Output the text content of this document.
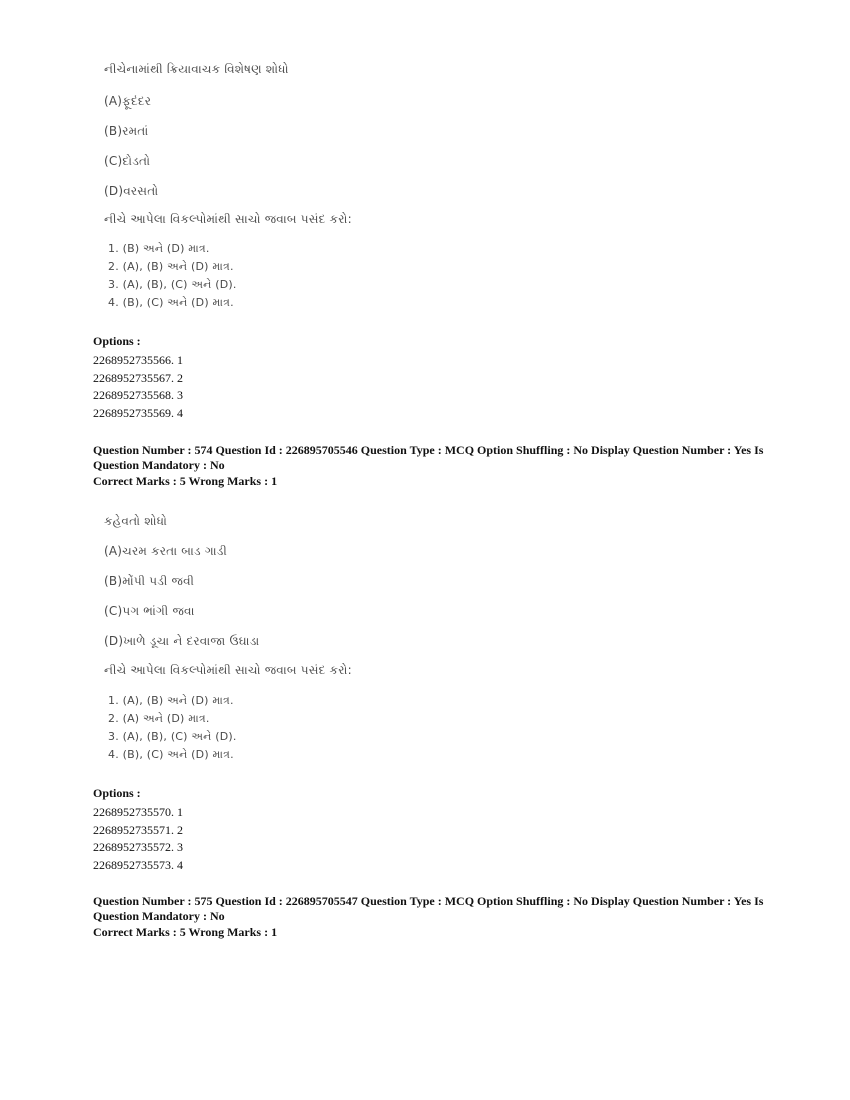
નીચેનામાંથી ક્રિયાવાચક વિશેષણ શોધો
(A)ફૂદંદર
(B)રમતાં
(C)દોડતો
(D)વરસતો
નીચે આપેલા વિકલ્પોમાંથી સાચો જવાબ પસંદ કરો:
1. (B) અને (D) માત્ર.
2. (A), (B) અને (D) માત્ર.
3. (A), (B), (C) અને (D).
4. (B), (C) અને (D) માત્ર.
Options :
2268952735566. 1
2268952735567. 2
2268952735568. 3
2268952735569. 4
Question Number : 574 Question Id : 226895705546 Question Type : MCQ Option Shuffling : No Display Question Number : Yes Is Question Mandatory : No
Correct Marks : 5 Wrong Marks : 1
કહેવતો શોધો
(A)ચરમ કરતા બાડ ગાડી
(B)મોંપી પડી જવી
(C)પગ ભાંગી જવા
(D)ખાળે ડૂચા ને દરવાજા ઉઘાડા
નીચે આપેલા વિકલ્પોમાંથી સાચો જવાબ પસંદ કરો:
1. (A), (B) અને (D) માત્ર.
2. (A) અને (D) માત્ર.
3. (A), (B), (C) અને (D).
4. (B), (C) અને (D) માત્ર.
Options :
2268952735570. 1
2268952735571. 2
2268952735572. 3
2268952735573. 4
Question Number : 575 Question Id : 226895705547 Question Type : MCQ Option Shuffling : No Display Question Number : Yes Is Question Mandatory : No
Correct Marks : 5 Wrong Marks : 1
